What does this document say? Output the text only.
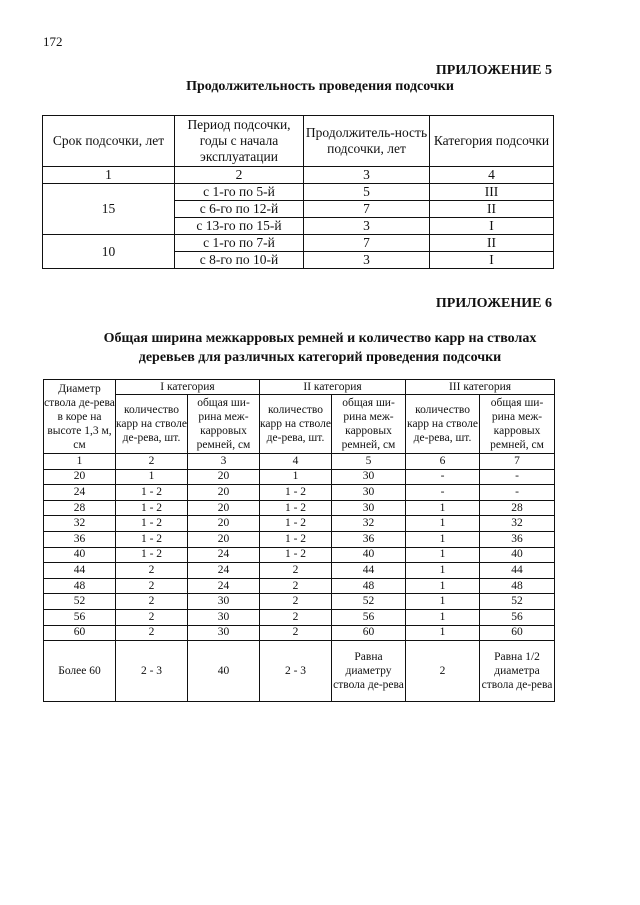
172
ПРИЛОЖЕНИЕ 5
Продолжительность проведения подсочки
Срок подсочки, лет	Период подсочки, годы с начала эксплуатации	Продолжитель-ность подсочки, лет	Категория подсочки
1	2	3	4
15	с 1-го по 5-й	5	III
	с 6-го по 12-й	7	II
	с 13-го по 15-й	3	I
10	с 1-го по 7-й	7	II
	с 8-го по 10-й	3	I
ПРИЛОЖЕНИЕ 6
Общая ширина межкарровых ремней и количество карр на стволах
деревьев для различных категорий проведения подсочки
Диаметр ствола де-рева в коре на высоте 1,3 м, см	I категория		II категория		III категория	
	количество карр на стволе де-рева, шт.	общая ши-рина меж-карровых ремней, см	количество карр на стволе де-рева, шт.	общая ши-рина меж-карровых ремней, см	количество карр на стволе де-рева, шт.	общая ши-рина меж-карровых ремней, см
1	2	3	4	5	6	7
20	1	20	1	30	-	-
24	1 - 2	20	1 - 2	30	-	-
28	1 - 2	20	1 - 2	30	1	28
32	1 - 2	20	1 - 2	32	1	32
36	1 - 2	20	1 - 2	36	1	36
40	1 - 2	24	1 - 2	40	1	40
44	2	24	2	44	1	44
48	2	24	2	48	1	48
52	2	30	2	52	1	52
56	2	30	2	56	1	56
60	2	30	2	60	1	60
Более 60	2 - 3	40	2 - 3	Равна диаметру ствола де-рева	2	Равна 1/2 диаметра ствола де-рева
